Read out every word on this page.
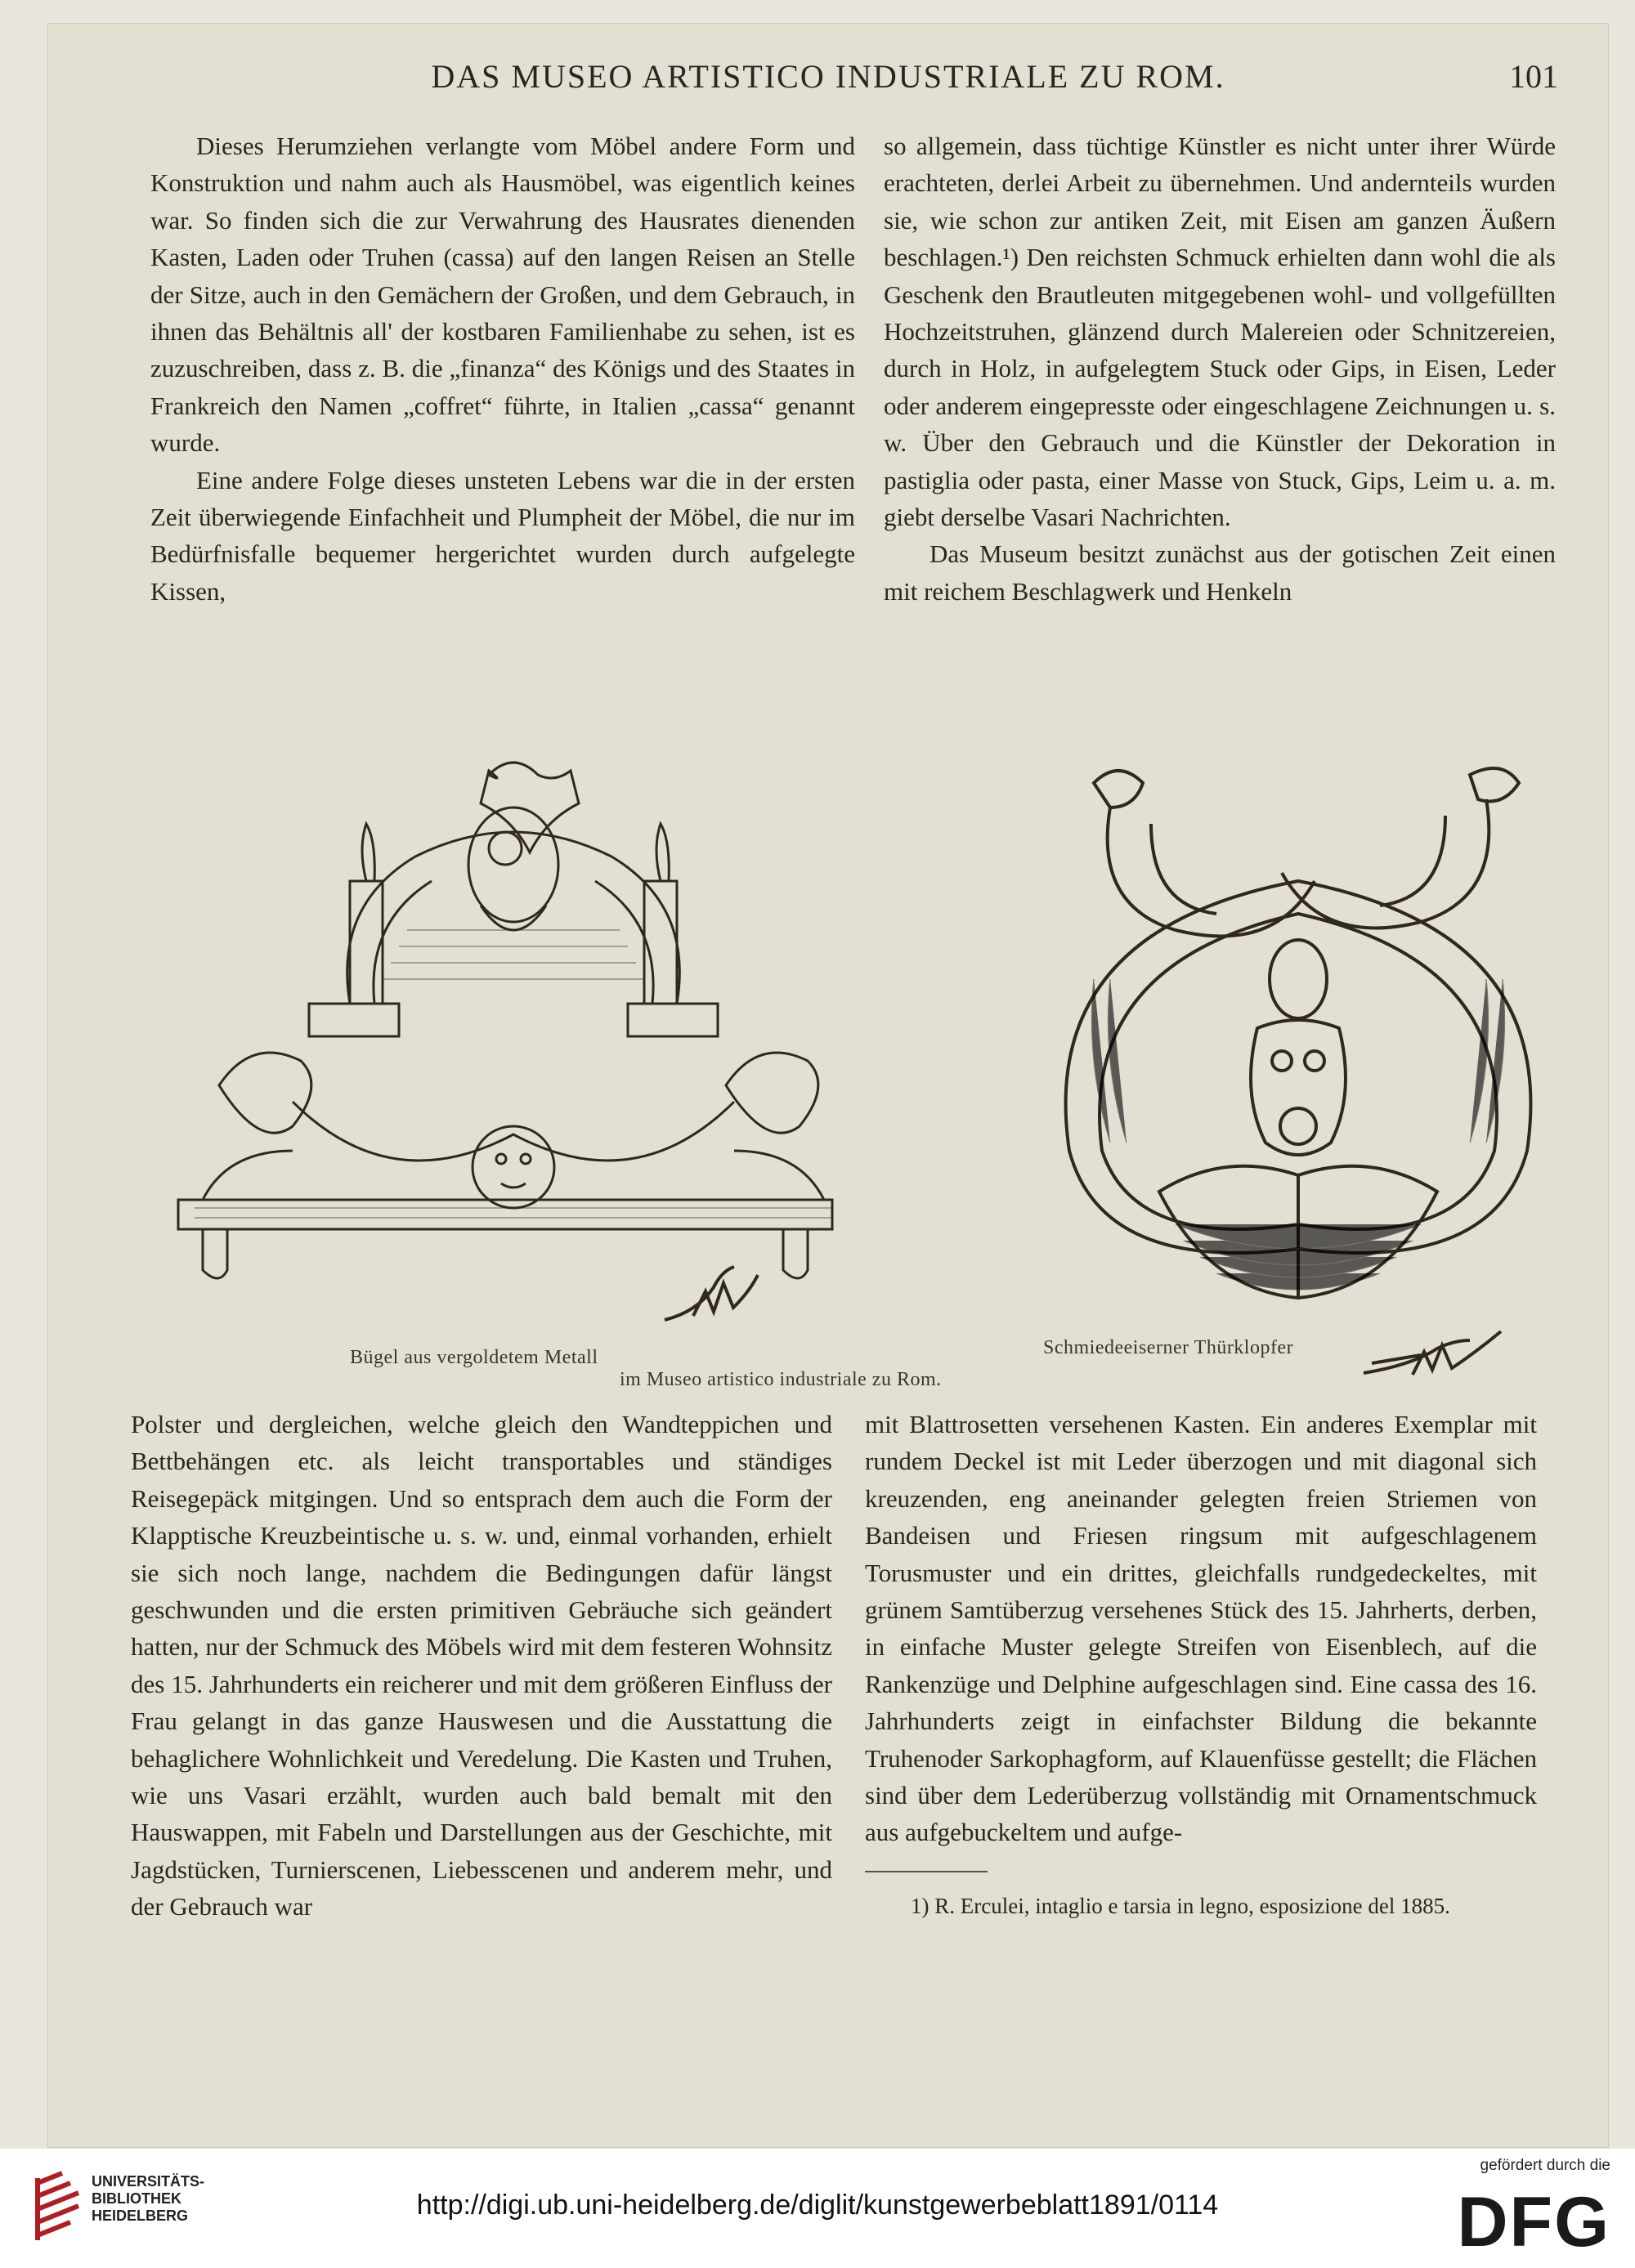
DAS MUSEO ARTISTICO INDUSTRIALE ZU ROM.	101

Dieses Herumziehen verlangte vom Möbel andere Form und Konstruktion und nahm auch als Hausmöbel, was eigentlich keines war. So finden sich die zur Verwahrung des Hausrates dienenden Kasten, Laden oder Truhen (cassa) auf den langen Reisen an Stelle der Sitze, auch in den Gemächern der Großen, und dem Gebrauch, in ihnen das Behältnis all' der kostbaren Familienhabe zu sehen, ist es zuzuschreiben, dass z. B. die „finanza“ des Königs und des Staates in Frankreich den Namen „coffret“ führte, in Italien „cassa“ genannt wurde.

Eine andere Folge dieses unsteten Lebens war die in der ersten Zeit überwiegende Einfachheit und Plumpheit der Möbel, die nur im Bedürfnisfalle bequemer hergerichtet wurden durch aufgelegte Kissen,

so allgemein, dass tüchtige Künstler es nicht unter ihrer Würde erachteten, derlei Arbeit zu übernehmen. Und andernteils wurden sie, wie schon zur antiken Zeit, mit Eisen am ganzen Äußern beschlagen.¹) Den reichsten Schmuck erhielten dann wohl die als Geschenk den Brautleuten mitgegebenen wohl- und vollgefüllten Hochzeitstruhen, glänzend durch Malereien oder Schnitzereien, durch in Holz, in aufgelegtem Stuck oder Gips, in Eisen, Leder oder anderem eingepresste oder eingeschlagene Zeichnungen u. s. w. Über den Gebrauch und die Künstler der Dekoration in pastiglia oder pasta, einer Masse von Stuck, Gips, Leim u. a. m. giebt derselbe Vasari Nachrichten.

Das Museum besitzt zunächst aus der gotischen Zeit einen mit reichem Beschlagwerk und Henkeln

Bügel aus vergoldetem Metall
im Museo artistico industriale zu Rom.
Schmiedeeiserner Thürklopfer

Polster und dergleichen, welche gleich den Wandteppichen und Bettbehängen etc. als leicht transportables und ständiges Reisegepäck mitgingen. Und so entsprach dem auch die Form der Klapptische Kreuzbeintische u. s. w. und, einmal vorhanden, erhielt sie sich noch lange, nachdem die Bedingungen dafür längst geschwunden und die ersten primitiven Gebräuche sich geändert hatten, nur der Schmuck des Möbels wird mit dem festeren Wohnsitz des 15. Jahrhunderts ein reicherer und mit dem größeren Einfluss der Frau gelangt in das ganze Hauswesen und die Ausstattung die behaglichere Wohnlichkeit und Veredelung. Die Kasten und Truhen, wie uns Vasari erzählt, wurden auch bald bemalt mit den Hauswappen, mit Fabeln und Darstellungen aus der Geschichte, mit Jagdstücken, Turnierscenen, Liebesscenen und anderem mehr, und der Gebrauch war

mit Blattrosetten versehenen Kasten. Ein anderes Exemplar mit rundem Deckel ist mit Leder überzogen und mit diagonal sich kreuzenden, eng aneinander gelegten freien Striemen von Bandeisen und Friesen ringsum mit aufgeschlagenem Torusmuster und ein drittes, gleichfalls rundgedeckeltes, mit grünem Samtüberzug versehenes Stück des 15. Jahrherts, derben, in einfache Muster gelegte Streifen von Eisenblech, auf die Rankenzüge und Delphine aufgeschlagen sind. Eine cassa des 16. Jahrhunderts zeigt in einfachster Bildung die bekannte Truhenoder Sarkophagform, auf Klauenfüsse gestellt; die Flächen sind über dem Lederüberzug vollständig mit Ornamentschmuck aus aufgebuckeltem und aufge-

1) R. Erculei, intaglio e tarsia in legno, esposizione del 1885.

UNIVERSITÄTS-
BIBLIOTHEK
HEIDELBERG	http://digi.ub.uni-heidelberg.de/diglit/kunstgewerbeblatt1891/0114
gefördert durch die
DFG
